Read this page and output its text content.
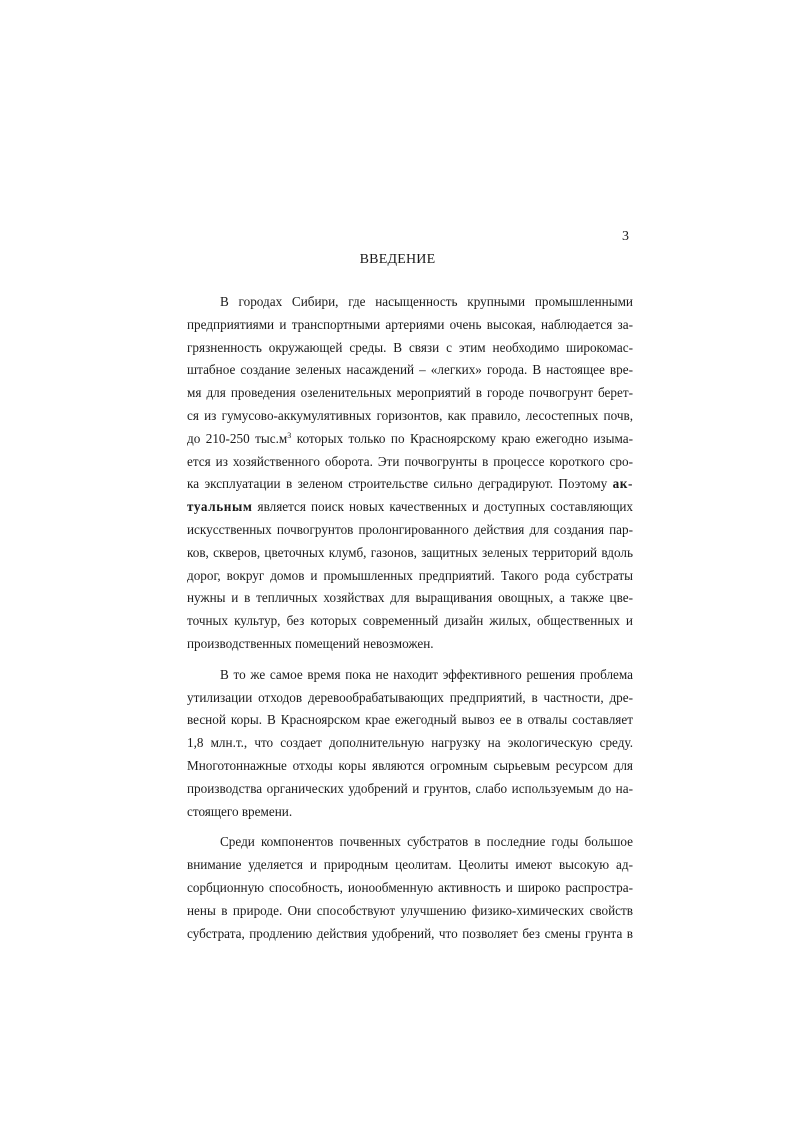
3
ВВЕДЕНИЕ
В городах Сибири, где насыщенность крупными промышленными
предприятиями и транспортными артериями очень высокая, наблюдается за-
грязненность окружающей среды. В связи с этим необходимо широкомас-
штабное создание зеленых насаждений – «легких» города. В настоящее вре-
мя для проведения озеленительных мероприятий в городе почвогрунт берет-
ся из гумусово-аккумулятивных горизонтов, как правило, лесостепных почв,
до 210-250 $тыс.м^3$ которых только по Красноярскому краю ежегодно изыма-
ется из хозяйственного оборота. Эти почвогрунты в процессе короткого сро-
ка эксплуатации в зеленом строительстве сильно деградируют. Поэтому ак-
туальным является поиск новых качественных и доступных составляющих
искусственных почвогрунтов пролонгированного действия для создания пар-
ков, скверов, цветочных клумб, газонов, защитных зеленых территорий вдоль
дорог, вокруг домов и промышленных предприятий. Такого рода субстраты
нужны и в тепличных хозяйствах для выращивания овощных, а также цве-
точных культур, без которых современный дизайн жилых, общественных и
производственных помещений невозможен.
В то же самое время пока не находит эффективного решения проблема
утилизации отходов деревообрабатывающих предприятий, в частности, дре-
весной коры. В Красноярском крае ежегодный вывоз ее в отвалы составляет
1,8 млн.т., что создает дополнительную нагрузку на экологическую среду.
Многотоннажные отходы коры являются огромным сырьевым ресурсом для
производства органических удобрений и грунтов, слабо используемым до на-
стоящего времени.
Среди компонентов почвенных субстратов в последние годы большое
внимание уделяется и природным цеолитам. Цеолиты имеют высокую ад-
сорбционную способность, ионообменную активность и широко распростра-
нены в природе. Они способствуют улучшению физико-химических свойств
субстрата, продлению действия удобрений, что позволяет без смены грунта в
